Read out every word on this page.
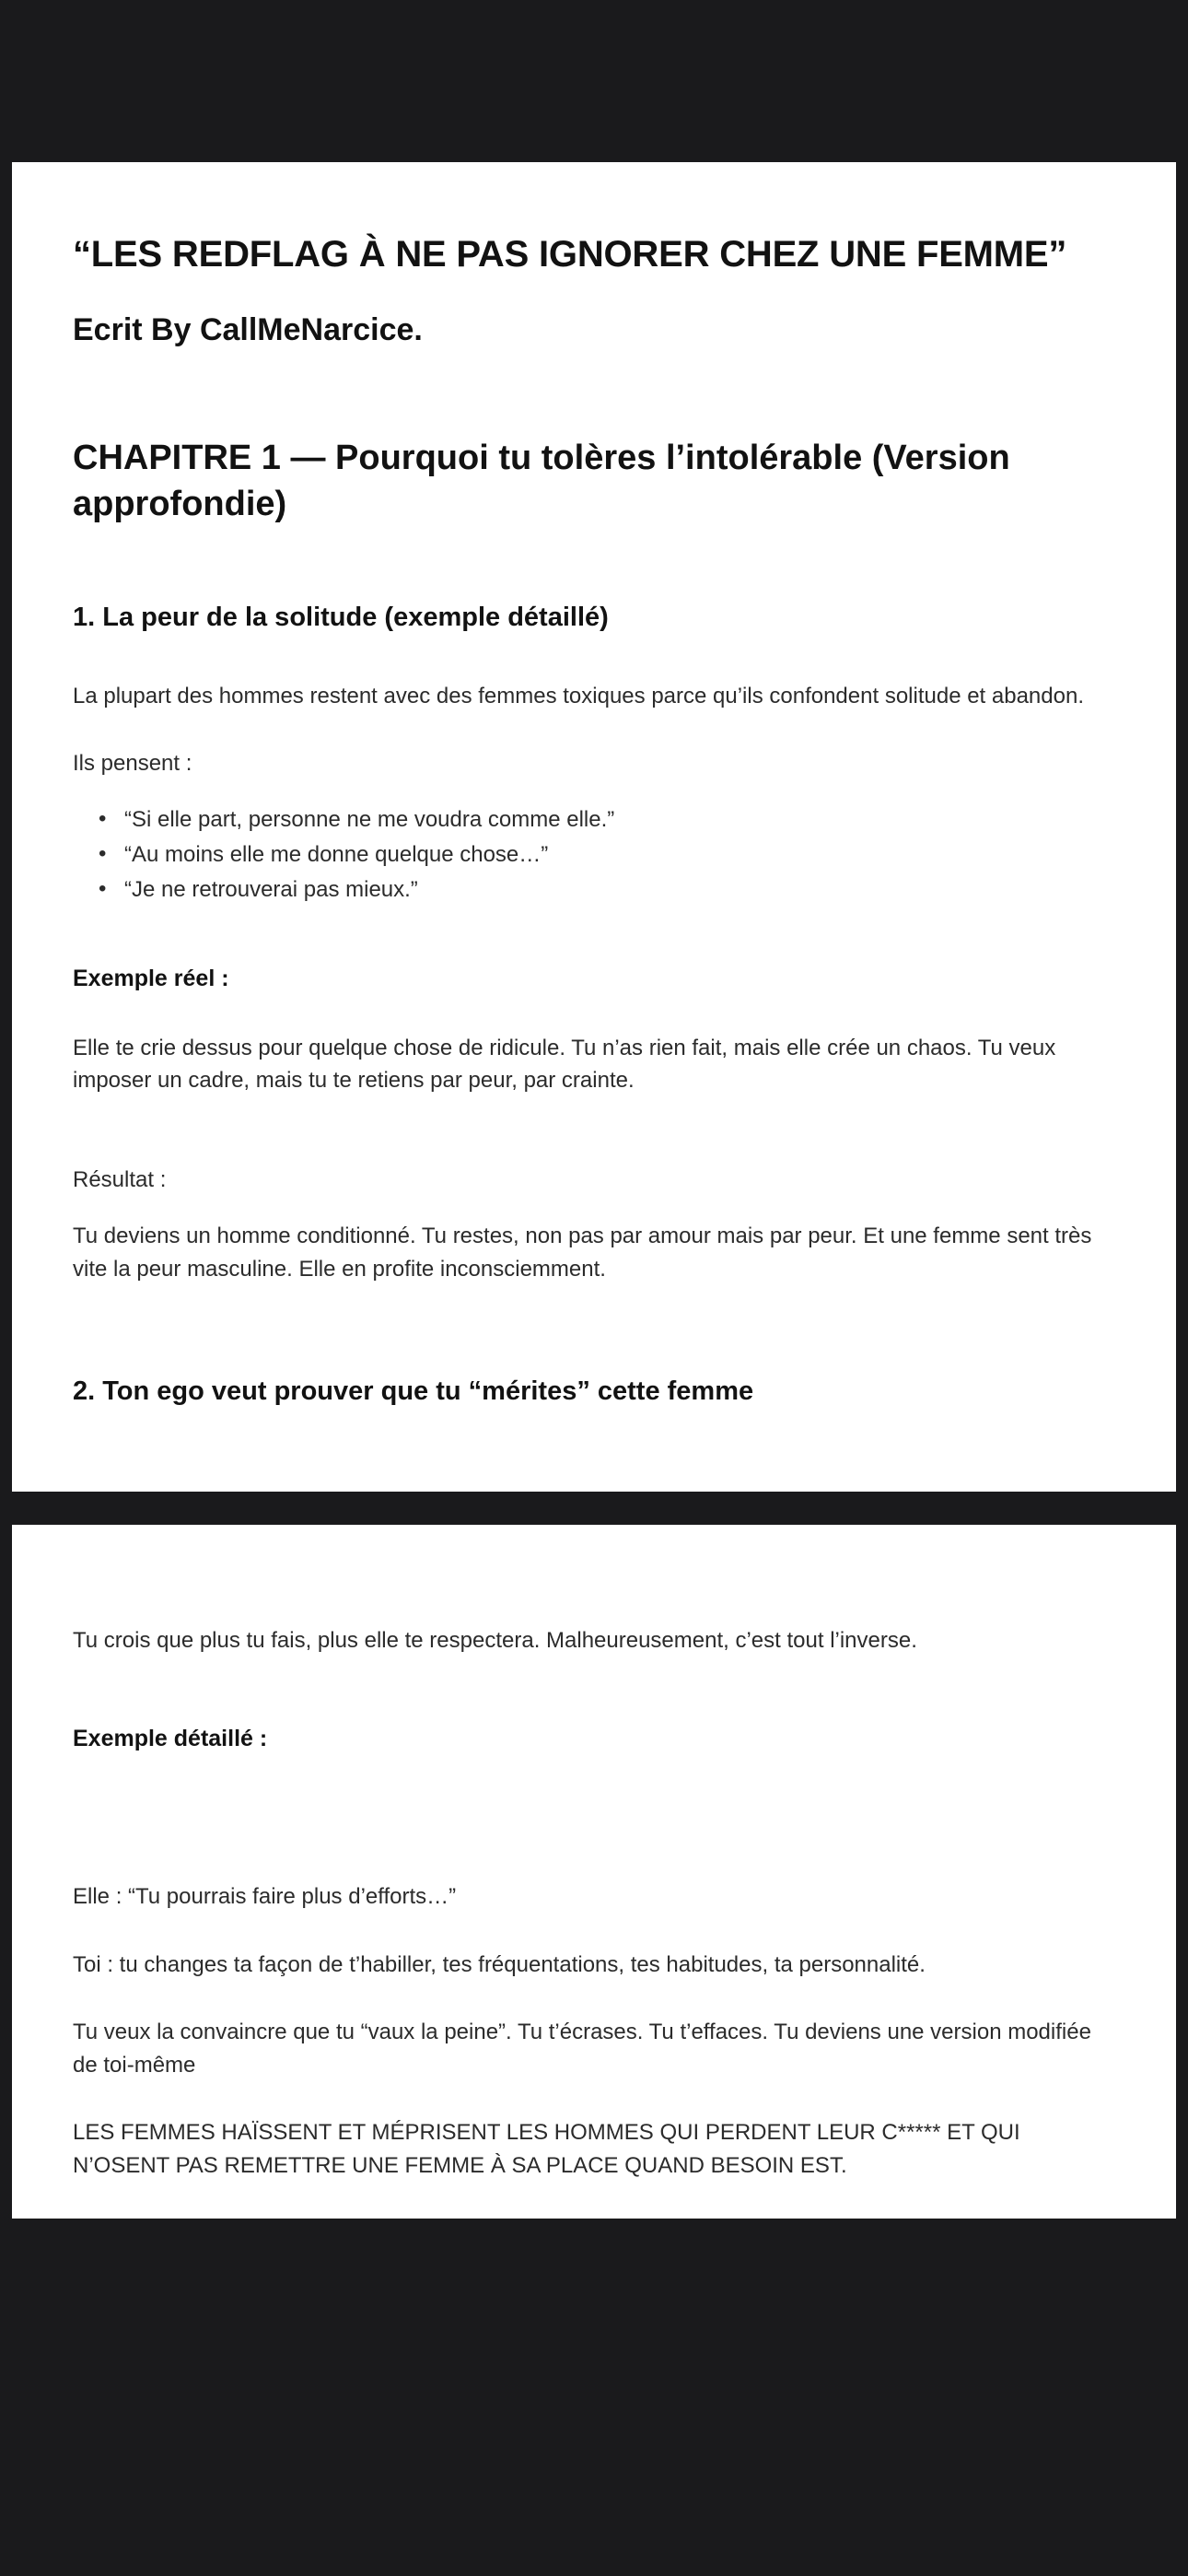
“LES REDFLAG À NE PAS IGNORER CHEZ UNE FEMME”
Ecrit By CallMeNarcice.
CHAPITRE 1 — Pourquoi tu tolères l’intolérable (Version approfondie)
1. La peur de la solitude (exemple détaillé)

La plupart des hommes restent avec des femmes toxiques parce qu’ils confondent solitude et abandon.

Ils pensent :

• “Si elle part, personne ne me voudra comme elle.”
• “Au moins elle me donne quelque chose…”
• “Je ne retrouverai pas mieux.”
Exemple réel :

Elle te crie dessus pour quelque chose de ridicule. Tu n’as rien fait, mais elle crée un chaos. Tu veux imposer un cadre, mais tu te retiens par peur, par crainte.

Résultat :

Tu deviens un homme conditionné. Tu restes, non pas par amour mais par peur. Et une femme sent très vite la peur masculine. Elle en profite inconsciemment.

2. Ton ego veut prouver que tu “mérites” cette femme

Tu crois que plus tu fais, plus elle te respectera. Malheureusement, c’est tout l’inverse.

Exemple détaillé :

Elle : “Tu pourrais faire plus d’efforts…”

Toi : tu changes ta façon de t’habiller, tes fréquentations, tes habitudes, ta personnalité.

Tu veux la convaincre que tu “vaux la peine”. Tu t’écrases. Tu t’effaces. Tu deviens une version modifiée de toi-même

LES FEMMES HAÏSSENT ET MÉPRISENT LES HOMMES QUI PERDENT LEUR C***** ET QUI N’OSENT PAS REMETTRE UNE FEMME À SA PLACE QUAND BESOIN EST.
